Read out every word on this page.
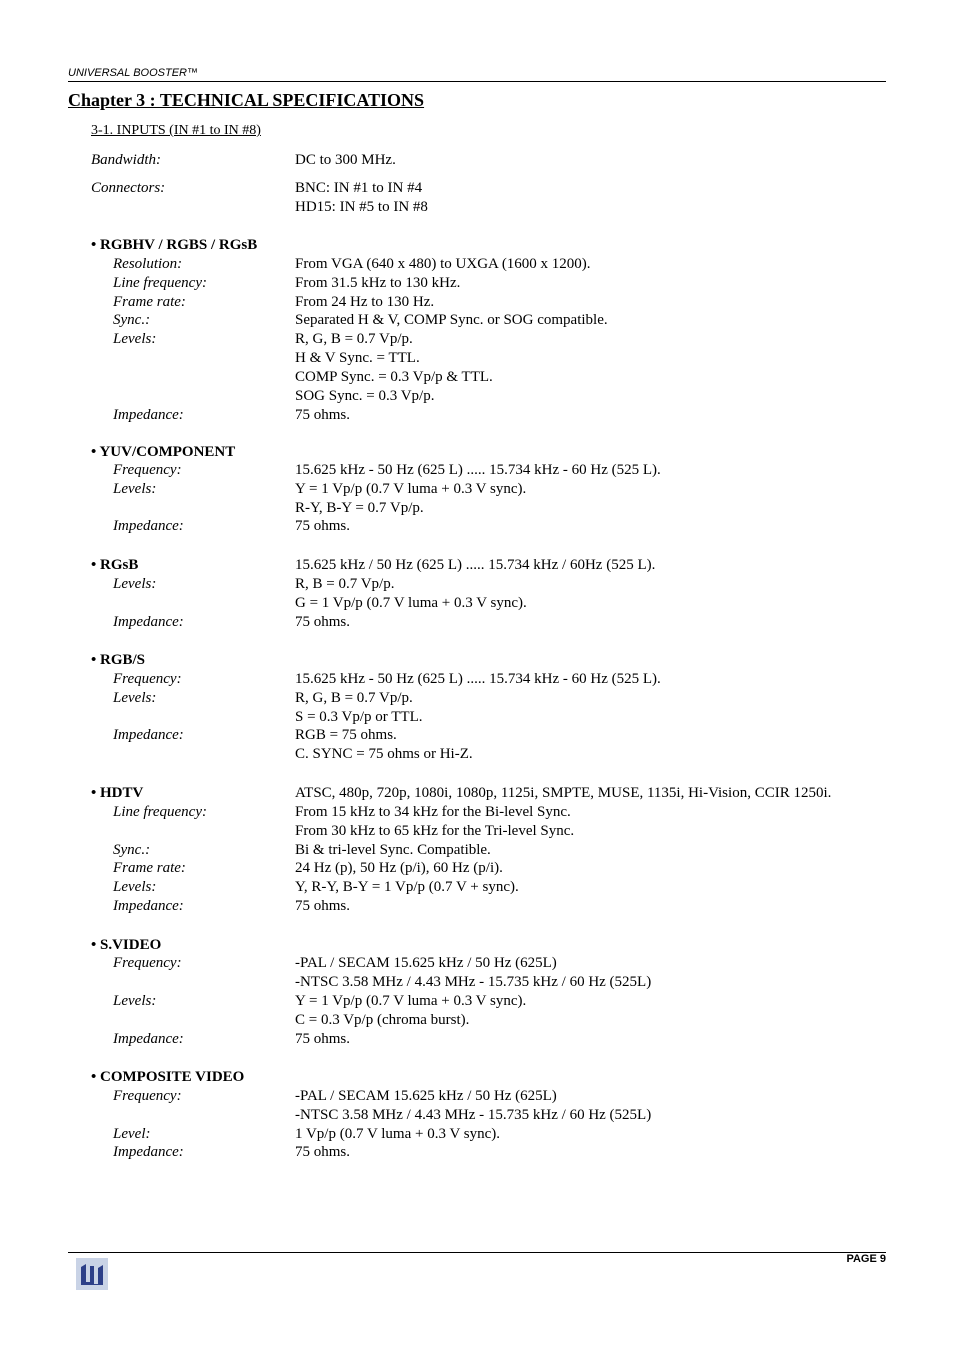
UNIVERSAL BOOSTER™
Chapter 3 : TECHNICAL SPECIFICATIONS
3-1. INPUTS (IN #1 to IN #8)
Bandwidth:	DC to 300 MHz.
Connectors:	BNC: IN #1 to IN #4
HD15: IN #5 to IN #8
• RGBHV / RGBS / RGsB
Resolution:	From VGA (640 x 480) to UXGA (1600 x 1200).
Line frequency:	From 31.5 kHz to 130 kHz.
Frame rate:	From 24 Hz to 130 Hz.
Sync.:	Separated H & V, COMP Sync. or SOG compatible.
Levels:	R, G, B = 0.7 Vp/p.
H & V Sync. = TTL.
COMP Sync. = 0.3 Vp/p & TTL.
SOG Sync. = 0.3 Vp/p.
Impedance:	75 ohms.
• YUV/COMPONENT
Frequency:	15.625 kHz - 50 Hz (625 L) ..... 15.734 kHz - 60 Hz (525 L).
Levels:	Y = 1 Vp/p (0.7 V luma + 0.3 V sync).
R-Y, B-Y = 0.7 Vp/p.
Impedance:	75 ohms.
• RGsB	15.625 kHz / 50 Hz (625 L) ..... 15.734 kHz / 60Hz (525 L).
Levels:	R, B = 0.7 Vp/p.
G = 1 Vp/p (0.7 V luma + 0.3 V sync).
Impedance:	75 ohms.
• RGB/S
Frequency:	15.625 kHz - 50 Hz (625 L) ..... 15.734 kHz - 60 Hz (525 L).
Levels:	R, G, B = 0.7 Vp/p.
S = 0.3 Vp/p or TTL.
Impedance:	RGB = 75 ohms.
C. SYNC = 75 ohms or Hi-Z.
• HDTV	ATSC, 480p, 720p, 1080i, 1080p, 1125i, SMPTE, MUSE, 1135i, Hi-Vision, CCIR 1250i.
Line frequency:	From 15 kHz to 34 kHz for the Bi-level Sync.
From 30 kHz to 65 kHz for the Tri-level Sync.
Sync.:	Bi & tri-level Sync. Compatible.
Frame rate:	24 Hz (p), 50 Hz (p/i), 60 Hz (p/i).
Levels:	Y, R-Y, B-Y = 1 Vp/p (0.7 V + sync).
Impedance:	75 ohms.
• S.VIDEO
Frequency:	-PAL / SECAM 15.625 kHz / 50 Hz (625L)
-NTSC 3.58 MHz / 4.43 MHz - 15.735 kHz / 60 Hz (525L)
Levels:	Y = 1 Vp/p (0.7 V luma + 0.3 V sync).
C = 0.3 Vp/p (chroma burst).
Impedance:	75 ohms.
• COMPOSITE VIDEO
Frequency:	-PAL / SECAM 15.625 kHz / 50 Hz (625L)
-NTSC 3.58 MHz / 4.43 MHz - 15.735 kHz / 60 Hz (525L)
Level:	1 Vp/p (0.7 V luma + 0.3 V sync).
Impedance:	75 ohms.
PAGE 9
